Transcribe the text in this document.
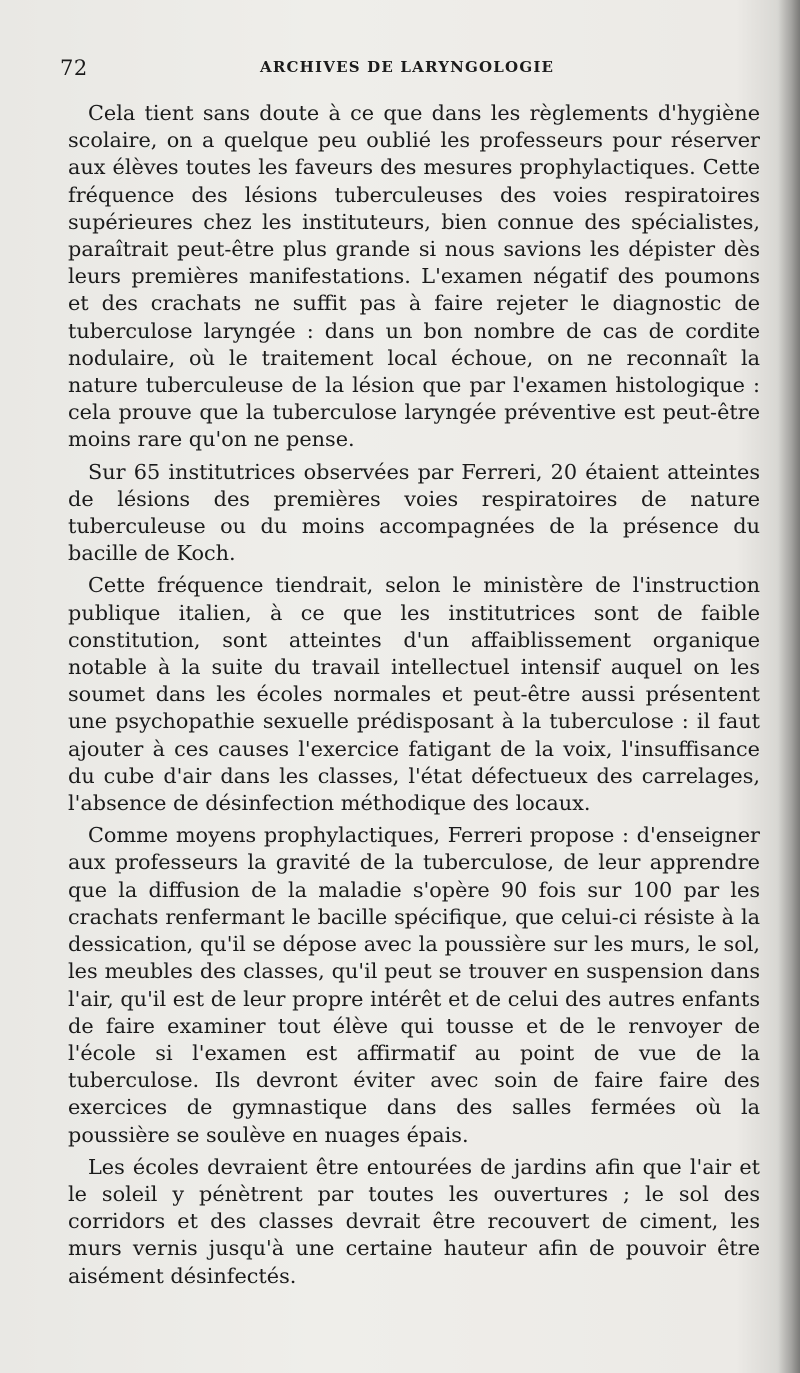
72	ARCHIVES DE LARYNGOLOGIE

Cela tient sans doute à ce que dans les règlements d'hygiène scolaire, on a quelque peu oublié les professeurs pour réserver aux élèves toutes les faveurs des mesures prophylactiques. Cette fréquence des lésions tuberculeuses des voies respiratoires supérieures chez les instituteurs, bien connue des spécialistes, paraîtrait peut-être plus grande si nous savions les dépister dès leurs premières manifestations. L'examen négatif des poumons et des crachats ne suffit pas à faire rejeter le diagnostic de tuberculose laryngée : dans un bon nombre de cas de cordite nodulaire, où le traitement local échoue, on ne reconnaît la nature tuberculeuse de la lésion que par l'examen histologique : cela prouve que la tuberculose laryngée préventive est peut-être moins rare qu'on ne pense.

Sur 65 institutrices observées par Ferreri, 20 étaient atteintes de lésions des premières voies respiratoires de nature tuberculeuse ou du moins accompagnées de la présence du bacille de Koch.

Cette fréquence tiendrait, selon le ministère de l'instruction publique italien, à ce que les institutrices sont de faible constitution, sont atteintes d'un affaiblissement organique notable à la suite du travail intellectuel intensif auquel on les soumet dans les écoles normales et peut-être aussi présentent une psychopathie sexuelle prédisposant à la tuberculose : il faut ajouter à ces causes l'exercice fatigant de la voix, l'insuffisance du cube d'air dans les classes, l'état défectueux des carrelages, l'absence de désinfection méthodique des locaux.

Comme moyens prophylactiques, Ferreri propose : d'enseigner aux professeurs la gravité de la tuberculose, de leur apprendre que la diffusion de la maladie s'opère 90 fois sur 100 par les crachats renfermant le bacille spécifique, que celui-ci résiste à la dessication, qu'il se dépose avec la poussière sur les murs, le sol, les meubles des classes, qu'il peut se trouver en suspension dans l'air, qu'il est de leur propre intérêt et de celui des autres enfants de faire examiner tout élève qui tousse et de le renvoyer de l'école si l'examen est affirmatif au point de vue de la tuberculose. Ils devront éviter avec soin de faire faire des exercices de gymnastique dans des salles fermées où la poussière se soulève en nuages épais.

Les écoles devraient être entourées de jardins afin que l'air et le soleil y pénètrent par toutes les ouvertures ; le sol des corridors et des classes devrait être recouvert de ciment, les murs vernis jusqu'à une certaine hauteur afin de pouvoir être aisément désinfectés.
